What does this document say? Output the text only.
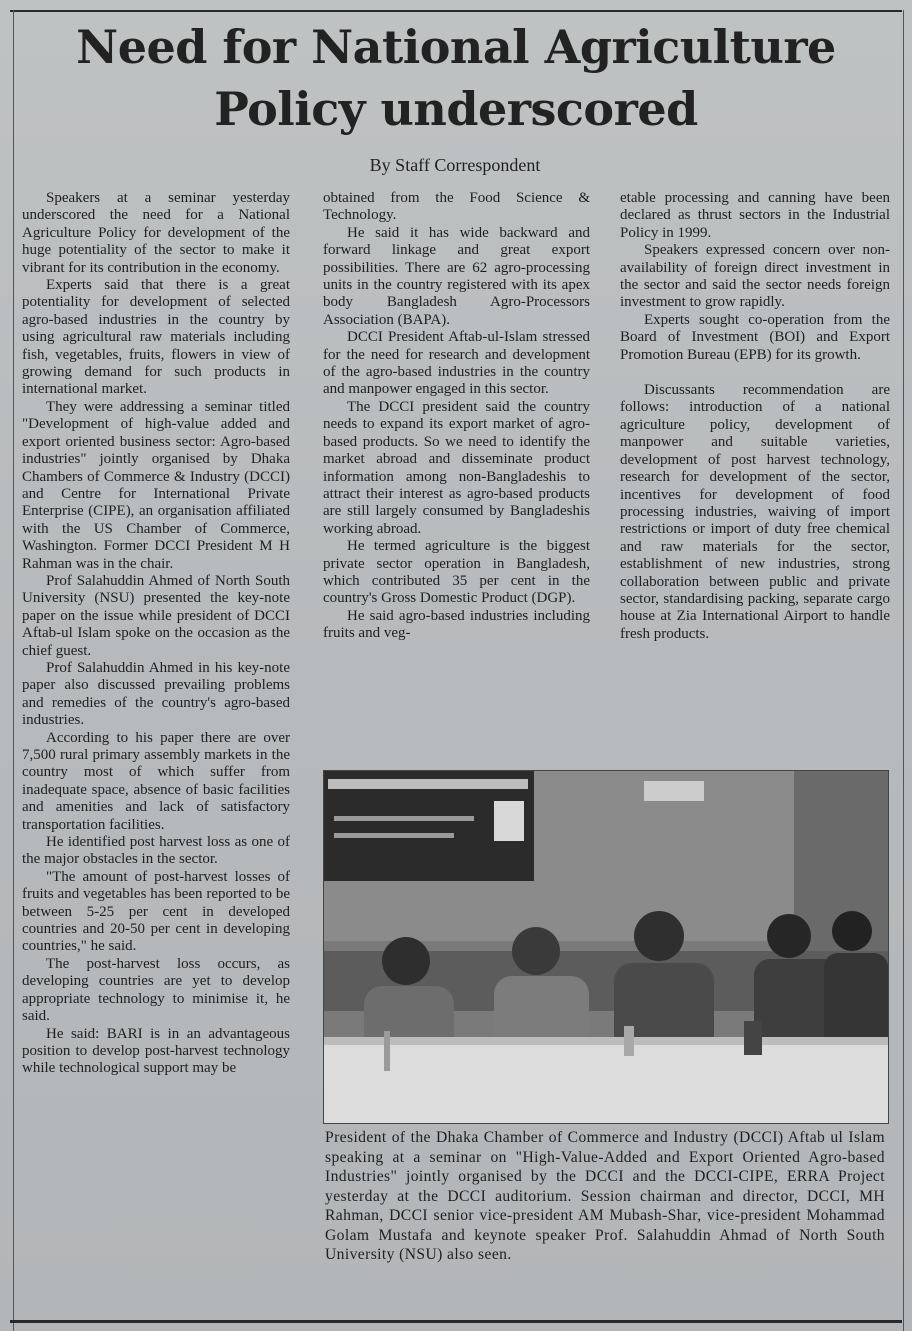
Need for National Agriculture
Policy underscored
By Staff Correspondent

Speakers at a seminar yesterday underscored the need for a National Agriculture Policy for development of the huge potentiality of the sector to make it vibrant for its contribution in the economy.

Experts said that there is a great potentiality for development of selected agro-based industries in the country by using agricultural raw materials including fish, vegetables, fruits, flowers in view of growing demand for such products in international market.

They were addressing a seminar titled "Development of high-value added and export oriented business sector: Agro-based industries" jointly organised by Dhaka Chambers of Commerce & Industry (DCCI) and Centre for International Private Enterprise (CIPE), an organisation affiliated with the US Chamber of Commerce, Washington. Former DCCI President M H Rahman was in the chair.

Prof Salahuddin Ahmed of North South University (NSU) presented the key-note paper on the issue while president of DCCI Aftab-ul Islam spoke on the occasion as the chief guest.

Prof Salahuddin Ahmed in his key-note paper also discussed prevailing problems and remedies of the country's agro-based industries.

According to his paper there are over 7,500 rural primary assembly markets in the country most of which suffer from inadequate space, absence of basic facilities and amenities and lack of satisfactory transportation facilities.

He identified post harvest loss as one of the major obstacles in the sector.

"The amount of post-harvest losses of fruits and vegetables has been reported to be between 5-25 per cent in developed countries and 20-50 per cent in developing countries," he said.

The post-harvest loss occurs, as developing countries are yet to develop appropriate technology to minimise it, he said.

He said: BARI is in an advantageous position to develop post-harvest technology while technological support may be

obtained from the Food Science & Technology.

He said it has wide backward and forward linkage and great export possibilities. There are 62 agro-processing units in the country registered with its apex body Bangladesh Agro-Processors Association (BAPA).

DCCI President Aftab-ul-Islam stressed for the need for research and development of the agro-based industries in the country and manpower engaged in this sector.

The DCCI president said the country needs to expand its export market of agro-based products. So we need to identify the market abroad and disseminate product information among non-Bangladeshis to attract their interest as agro-based products are still largely consumed by Bangladeshis working abroad.

He termed agriculture is the biggest private sector operation in Bangladesh, which contributed 35 per cent in the country's Gross Domestic Product (DGP).

He said agro-based industries including fruits and veg-

etable processing and canning have been declared as thrust sectors in the Industrial Policy in 1999.

Speakers expressed concern over non-availability of foreign direct investment in the sector and said the sector needs foreign investment to grow rapidly.

Experts sought co-operation from the Board of Investment (BOI) and Export Promotion Bureau (EPB) for its growth.

Discussants recommendation are follows: introduction of a national agriculture policy, development of manpower and suitable varieties, development of post harvest technology, research for development of the sector, incentives for development of food processing industries, waiving of import restrictions or import of duty free chemical and raw materials for the sector, establishment of new industries, strong collaboration between public and private sector, standardising packing, separate cargo house at Zia International Airport to handle fresh products.

President of the Dhaka Chamber of Commerce and Industry (DCCI) Aftab ul Islam speaking at a seminar on "High-Value-Added and Export Oriented Agro-based Industries" jointly organised by the DCCI and the DCCI-CIPE, ERRA Project yesterday at the DCCI auditorium. Session chairman and director, DCCI, MH Rahman, DCCI senior vice-president AM Mubash-Shar, vice-president Mohammad Golam Mustafa and keynote speaker Prof. Salahuddin Ahmad of North South University (NSU) also seen.
